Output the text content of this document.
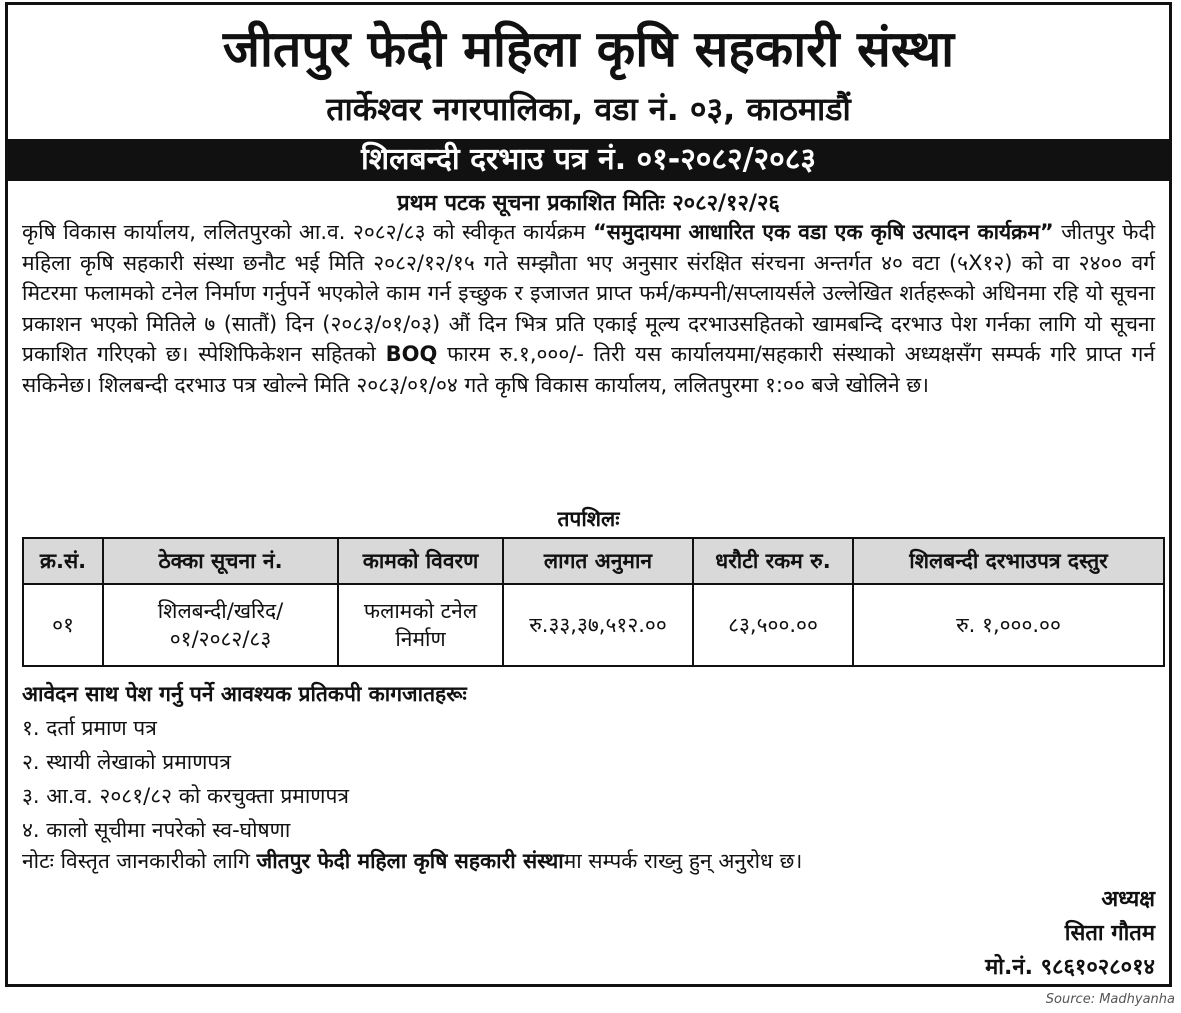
जीतपुर फेदी महिला कृषि सहकारी संस्था
तार्केश्वर नगरपालिका, वडा नं. ०३, काठमाडौं
शिलबन्दी दरभाउ पत्र नं. ०१-२०८२/२०८३
प्रथम पटक सूचना प्रकाशित मितिः २०८२/१२/२६
कृषि विकास कार्यालय, ललितपुरको आ.व. २०८२/८३ को स्वीकृत कार्यक्रम “समुदायमा आधारित एक वडा एक कृषि उत्पादन कार्यक्रम” जीतपुर फेदी महिला कृषि सहकारी संस्था छनौट भई मिति २०८२/१२/१५ गते सम्झौता भए अनुसार संरक्षित संरचना अन्तर्गत ४० वटा (५X१२) को वा २४०० वर्ग मिटरमा फलामको टनेल निर्माण गर्नुपर्ने भएकोले काम गर्न इच्छुक र इजाजत प्राप्त फर्म/कम्पनी/सप्लायर्सले उल्लेखित शर्तहरूको अधिनमा रहि यो सूचना प्रकाशन भएको मितिले ७ (सातौं) दिन (२०८३/०१/०३) औं दिन भित्र प्रति एकाई मूल्य दरभाउसहितको खामबन्दि दरभाउ पेश गर्नका लागि यो सूचना प्रकाशित गरिएको छ। स्पेशिफिकेशन सहितको BOQ फारम रु.१,०००/- तिरी यस कार्यालयमा/सहकारी संस्थाको अध्यक्षसँग सम्पर्क गरि प्राप्त गर्न सकिनेछ। शिलबन्दी दरभाउ पत्र खोल्ने मिति २०८३/०१/०४ गते कृषि विकास कार्यालय, ललितपुरमा १:०० बजे खोलिने छ।
तपशिलः
क्र.सं.	ठेक्का सूचना नं.	कामको विवरण	लागत अनुमान	धरौटी रकम रु.	शिलबन्दी दरभाउपत्र दस्तुर
०१	शिलबन्दी/खरिद/ ०१/२०८२/८३	फलामको टनेल निर्माण	रु.३३,३७,५१२.००	८३,५००.००	रु. १,०००.००
आवेदन साथ पेश गर्नु पर्ने आवश्यक प्रतिकपी कागजातहरूः
१. दर्ता प्रमाण पत्र
२. स्थायी लेखाको प्रमाणपत्र
३. आ.व. २०८१/८२ को करचुक्ता प्रमाणपत्र
४. कालो सूचीमा नपरेको स्व-घोषणा
नोटः विस्तृत जानकारीको लागि जीतपुर फेदी महिला कृषि सहकारी संस्थामा सम्पर्क राख्नु हुन् अनुरोध छ।
अध्यक्ष
सिता गौतम
मो.नं. ९८६१०२८०१४
Source: Madhyanha
